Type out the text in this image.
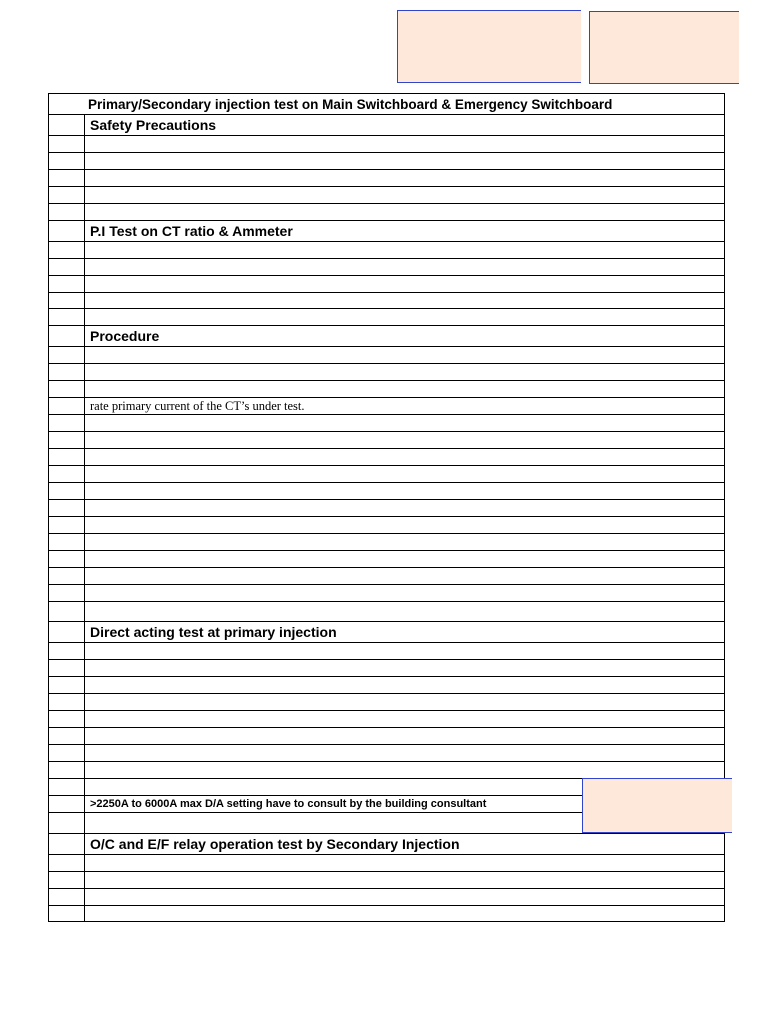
Primary/Secondary injection test on Main Switchboard & Emergency Switchboard
Safety Precautions
P.I Test on CT ratio & Ammeter
Procedure
rate primary current of the CT’s under test.
Direct acting test at primary injection
>2250A to 6000A max D/A setting have to consult by the building consultant
O/C and E/F relay operation test by Secondary Injection
